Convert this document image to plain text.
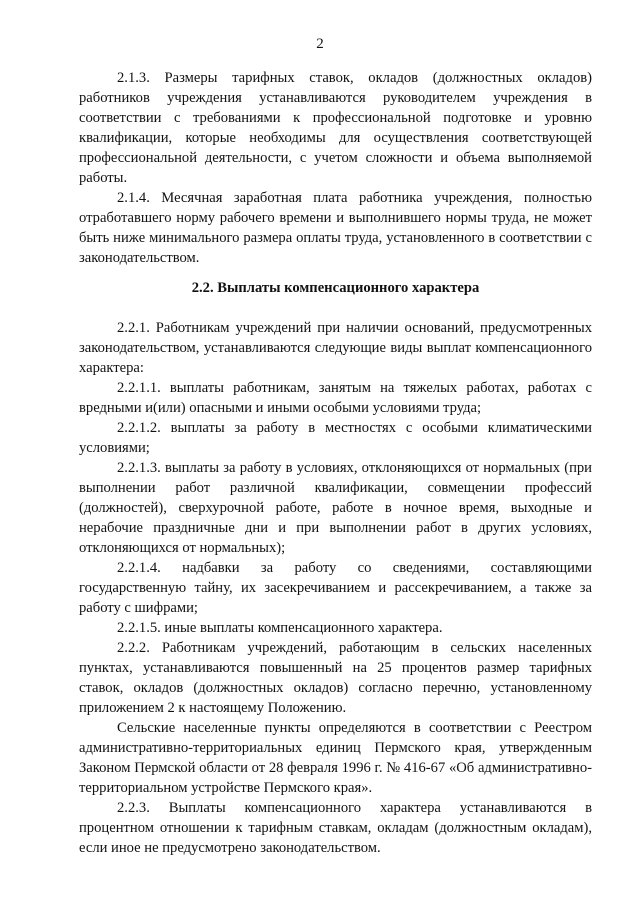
2

2.1.3. Размеры тарифных ставок, окладов (должностных окладов) работников учреждения устанавливаются руководителем учреждения в соответствии с требованиями к профессиональной подготовке и уровню квалификации, которые необходимы для осуществления соответствующей профессиональной деятельности, с учетом сложности и объема выполняемой работы.

2.1.4. Месячная заработная плата работника учреждения, полностью отработавшего норму рабочего времени и выполнившего нормы труда, не может быть ниже минимального размера оплаты труда, установленного в соответствии с законодательством.

2.2. Выплаты компенсационного характера

2.2.1. Работникам учреждений при наличии оснований, предусмотренных законодательством, устанавливаются следующие виды выплат компенсационного характера:

2.2.1.1. выплаты работникам, занятым на тяжелых работах, работах с вредными и(или) опасными и иными особыми условиями труда;

2.2.1.2. выплаты за работу в местностях с особыми климатическими условиями;

2.2.1.3. выплаты за работу в условиях, отклоняющихся от нормальных (при выполнении работ различной квалификации, совмещении профессий (должностей), сверхурочной работе, работе в ночное время, выходные и нерабочие праздничные дни и при выполнении работ в других условиях, отклоняющихся от нормальных);

2.2.1.4. надбавки за работу со сведениями, составляющими государственную тайну, их засекречиванием и рассекречиванием, а также за работу с шифрами;

2.2.1.5. иные выплаты компенсационного характера.

2.2.2. Работникам учреждений, работающим в сельских населенных пунктах, устанавливаются повышенный на 25 процентов размер тарифных ставок, окладов (должностных окладов) согласно перечню, установленному приложением 2 к настоящему Положению.

Сельские населенные пункты определяются в соответствии с Реестром административно-территориальных единиц Пермского края, утвержденным Законом Пермской области от 28 февраля 1996 г. № 416-67 «Об административно-территориальном устройстве Пермского края».

2.2.3. Выплаты компенсационного характера устанавливаются в процентном отношении к тарифным ставкам, окладам (должностным окладам), если иное не предусмотрено законодательством.
